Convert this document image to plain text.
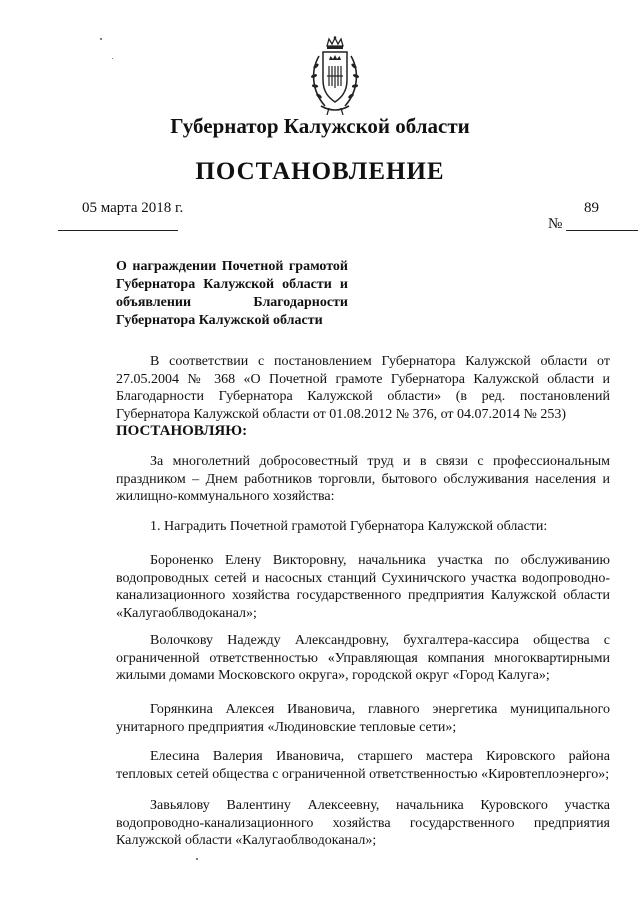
Губернатор Калужской области
ПОСТАНОВЛЕНИЕ
05 марта 2018 г.	89
№
О награждении Почетной грамотой Губернатора Калужской области и объявлении Благодарности Губернатора Калужской области
В соответствии с постановлением Губернатора Калужской области от 27.05.2004 № 368 «О Почетной грамоте Губернатора Калужской области и Благодарности Губернатора Калужской области» (в ред. постановлений Губернатора Калужской области от 01.08.2012 № 376, от 04.07.2014 № 253)
ПОСТАНОВЛЯЮ:
За многолетний добросовестный труд и в связи с профессиональным праздником – Днем работников торговли, бытового обслуживания населения и жилищно-коммунального хозяйства:
1. Наградить Почетной грамотой Губернатора Калужской области:
Бороненко Елену Викторовну, начальника участка по обслуживанию водопроводных сетей и насосных станций Сухиничского участка водопроводно-канализационного хозяйства государственного предприятия Калужской области «Калугаоблводоканал»;
Волочкову Надежду Александровну, бухгалтера-кассира общества с ограниченной ответственностью «Управляющая компания многоквартирными жилыми домами Московского округа», городской округ «Город Калуга»;
Горянкина Алексея Ивановича, главного энергетика муниципального унитарного предприятия «Людиновские тепловые сети»;
Елесина Валерия Ивановича, старшего мастера Кировского района тепловых сетей общества с ограниченной ответственностью «Кировтеплоэнерго»;
Завьялову Валентину Алексеевну, начальника Куровского участка водопроводно-канализационного хозяйства государственного предприятия Калужской области «Калугаоблводоканал»;
